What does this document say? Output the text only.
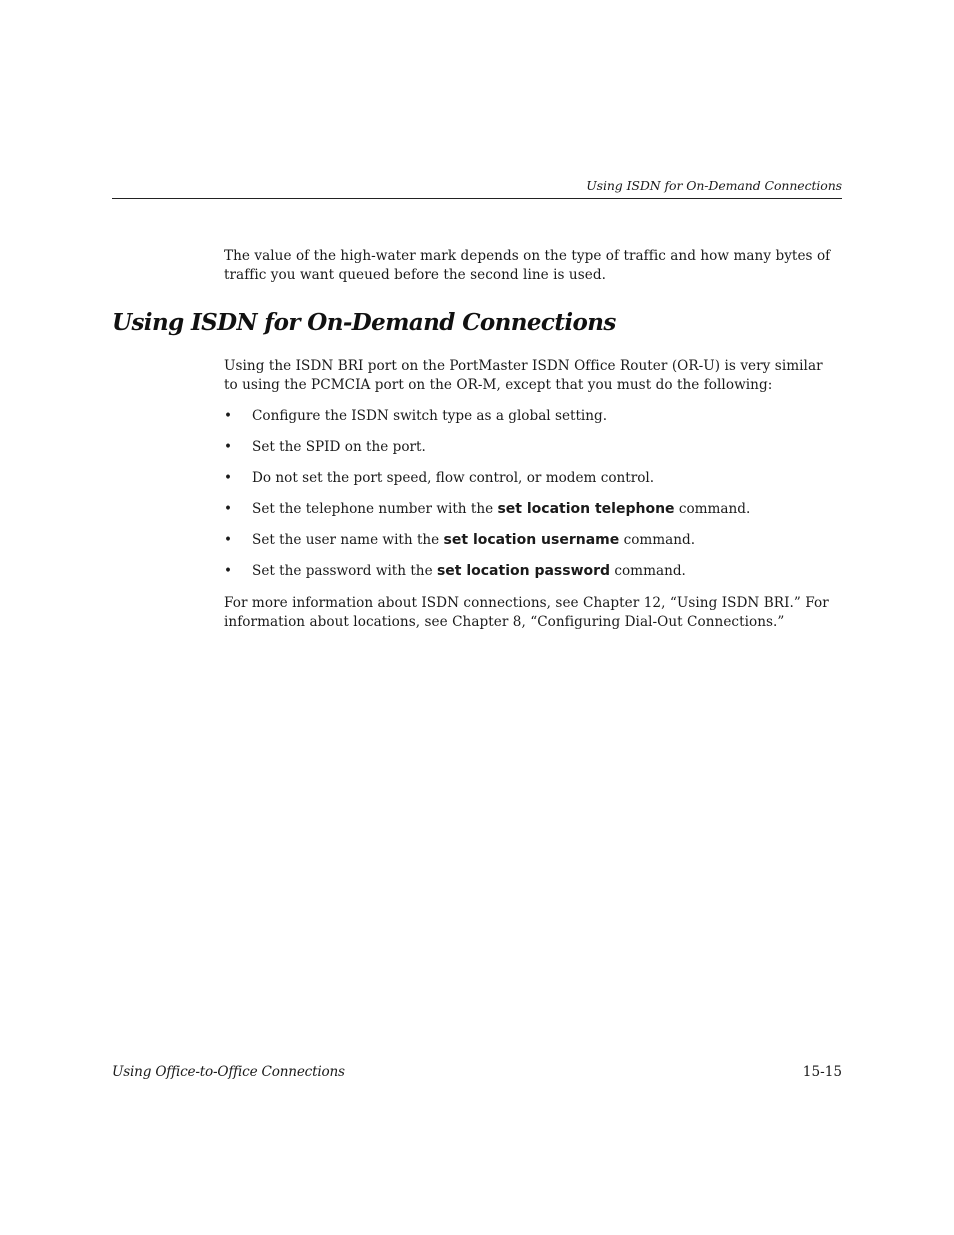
Using ISDN for On-Demand Connections

The value of the high-water mark depends on the type of traffic and how many bytes of traffic you want queued before the second line is used.

Using ISDN for On-Demand Connections

Using the ISDN BRI port on the PortMaster ISDN Office Router (OR-U) is very similar to using the PCMCIA port on the OR-M, except that you must do the following:

• Configure the ISDN switch type as a global setting.
• Set the SPID on the port.
• Do not set the port speed, flow control, or modem control.
• Set the telephone number with the set location telephone command.
• Set the user name with the set location username command.
• Set the password with the set location password command.

For more information about ISDN connections, see Chapter 12, “Using ISDN BRI.” For information about locations, see Chapter 8, “Configuring Dial-Out Connections.”

Using Office-to-Office Connections	15-15
